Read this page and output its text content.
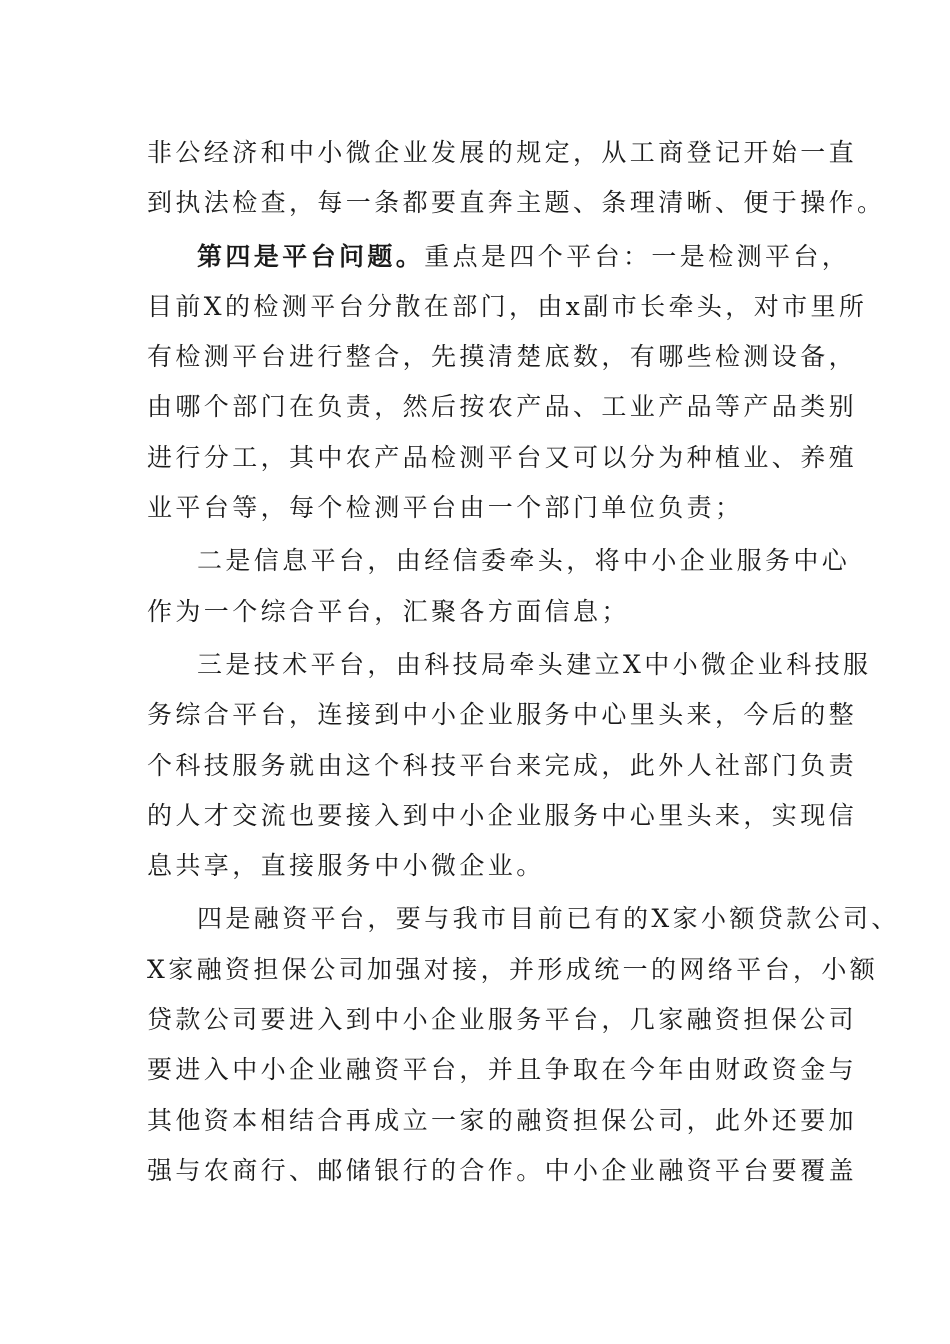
非公经济和中小微企业发展的规定，从工商登记开始一直
到执法检查，每一条都要直奔主题、条理清晰、便于操作。

第四是平台问题。重点是四个平台：一是检测平台，
目前X的检测平台分散在部门，由x副市长牵头，对市里所
有检测平台进行整合，先摸清楚底数，有哪些检测设备，
由哪个部门在负责，然后按农产品、工业产品等产品类别
进行分工，其中农产品检测平台又可以分为种植业、养殖
业平台等，每个检测平台由一个部门单位负责；

二是信息平台，由经信委牵头，将中小企业服务中心
作为一个综合平台，汇聚各方面信息；

三是技术平台，由科技局牵头建立X中小微企业科技服
务综合平台，连接到中小企业服务中心里头来，今后的整
个科技服务就由这个科技平台来完成，此外人社部门负责
的人才交流也要接入到中小企业服务中心里头来，实现信
息共享，直接服务中小微企业。

四是融资平台，要与我市目前已有的X家小额贷款公司、
X家融资担保公司加强对接，并形成统一的网络平台，小额
贷款公司要进入到中小企业服务平台，几家融资担保公司
要进入中小企业融资平台，并且争取在今年由财政资金与
其他资本相结合再成立一家的融资担保公司，此外还要加
强与农商行、邮储银行的合作。中小企业融资平台要覆盖
